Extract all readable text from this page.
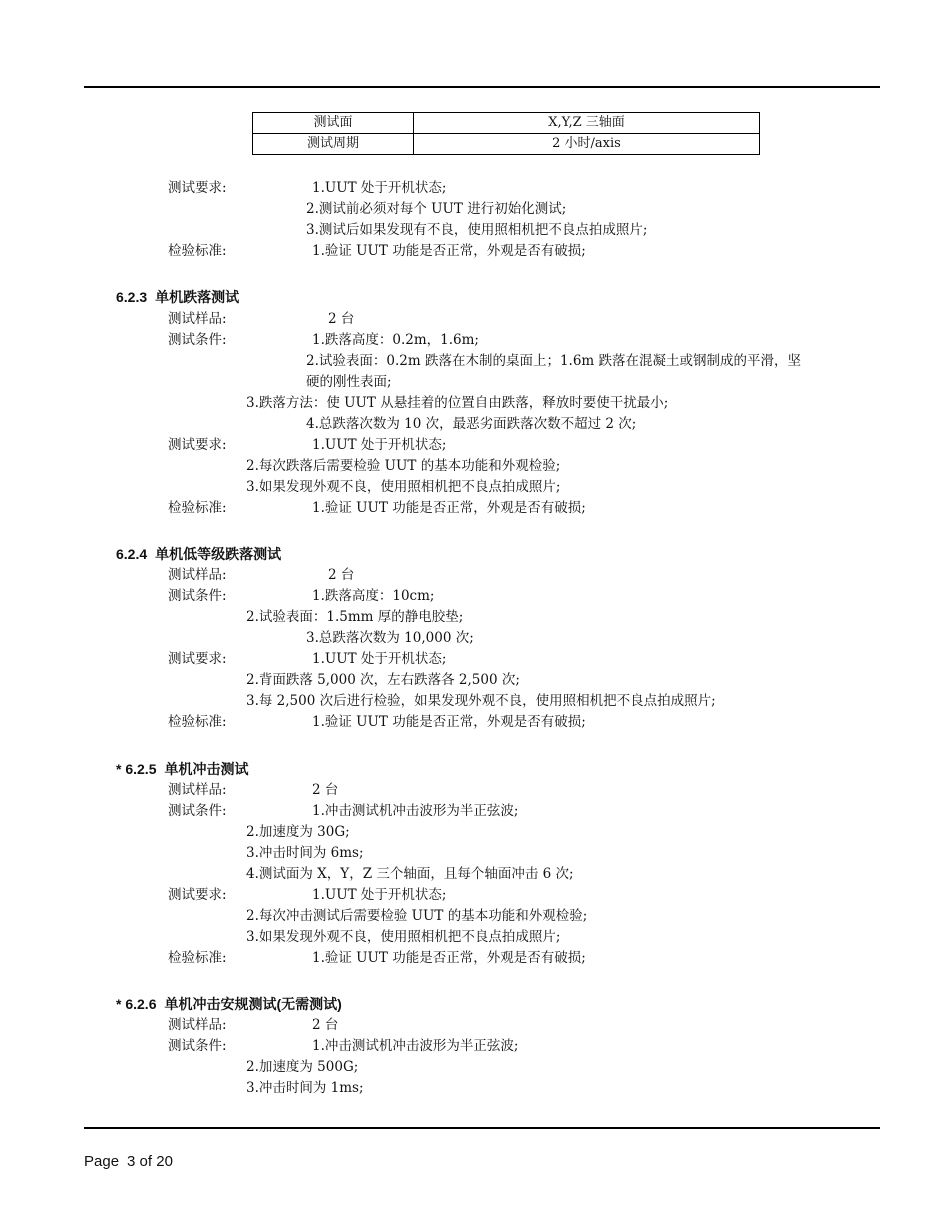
测试面	X,Y,Z 三轴面
测试周期	2 小时/axis
测试要求:	1.UUT 处于开机状态;
2.测试前必须对每个 UUT 进行初始化测试;
3.测试后如果发现有不良，使用照相机把不良点拍成照片;
检验标准:	1.验证 UUT 功能是否正常，外观是否有破损;
6.2.3 单机跌落测试
测试样品:	2 台
测试条件:	1.跌落高度：0.2m，1.6m;
2.试验表面：0.2m 跌落在木制的桌面上；1.6m 跌落在混凝土或钢制成的平滑，坚
硬的刚性表面;
3.跌落方法：使 UUT 从悬挂着的位置自由跌落，释放时要使干扰最小;
4.总跌落次数为 10 次，最恶劣面跌落次数不超过 2 次;
测试要求:	1.UUT 处于开机状态;
2.每次跌落后需要检验 UUT 的基本功能和外观检验;
3.如果发现外观不良，使用照相机把不良点拍成照片;
检验标准:	1.验证 UUT 功能是否正常，外观是否有破损;
6.2.4 单机低等级跌落测试
测试样品:	2 台
测试条件:	1.跌落高度：10cm;
2.试验表面：1.5mm 厚的静电胶垫;
3.总跌落次数为 10,000 次;
测试要求:	1.UUT 处于开机状态;
2.背面跌落 5,000 次，左右跌落各 2,500 次;
3.每 2,500 次后进行检验，如果发现外观不良，使用照相机把不良点拍成照片;
检验标准:	1.验证 UUT 功能是否正常，外观是否有破损;
* 6.2.5 单机冲击测试
测试样品:	2 台
测试条件:	1.冲击测试机冲击波形为半正弦波;
2.加速度为 30G;
3.冲击时间为 6ms;
4.测试面为 X，Y，Z 三个轴面，且每个轴面冲击 6 次;
测试要求:	1.UUT 处于开机状态;
2.每次冲击测试后需要检验 UUT 的基本功能和外观检验;
3.如果发现外观不良，使用照相机把不良点拍成照片;
检验标准:	1.验证 UUT 功能是否正常，外观是否有破损;
* 6.2.6 单机冲击安规测试(无需测试)
测试样品:	2 台
测试条件:	1.冲击测试机冲击波形为半正弦波;
2.加速度为 500G;
3.冲击时间为 1ms;
Page 3 of 20
